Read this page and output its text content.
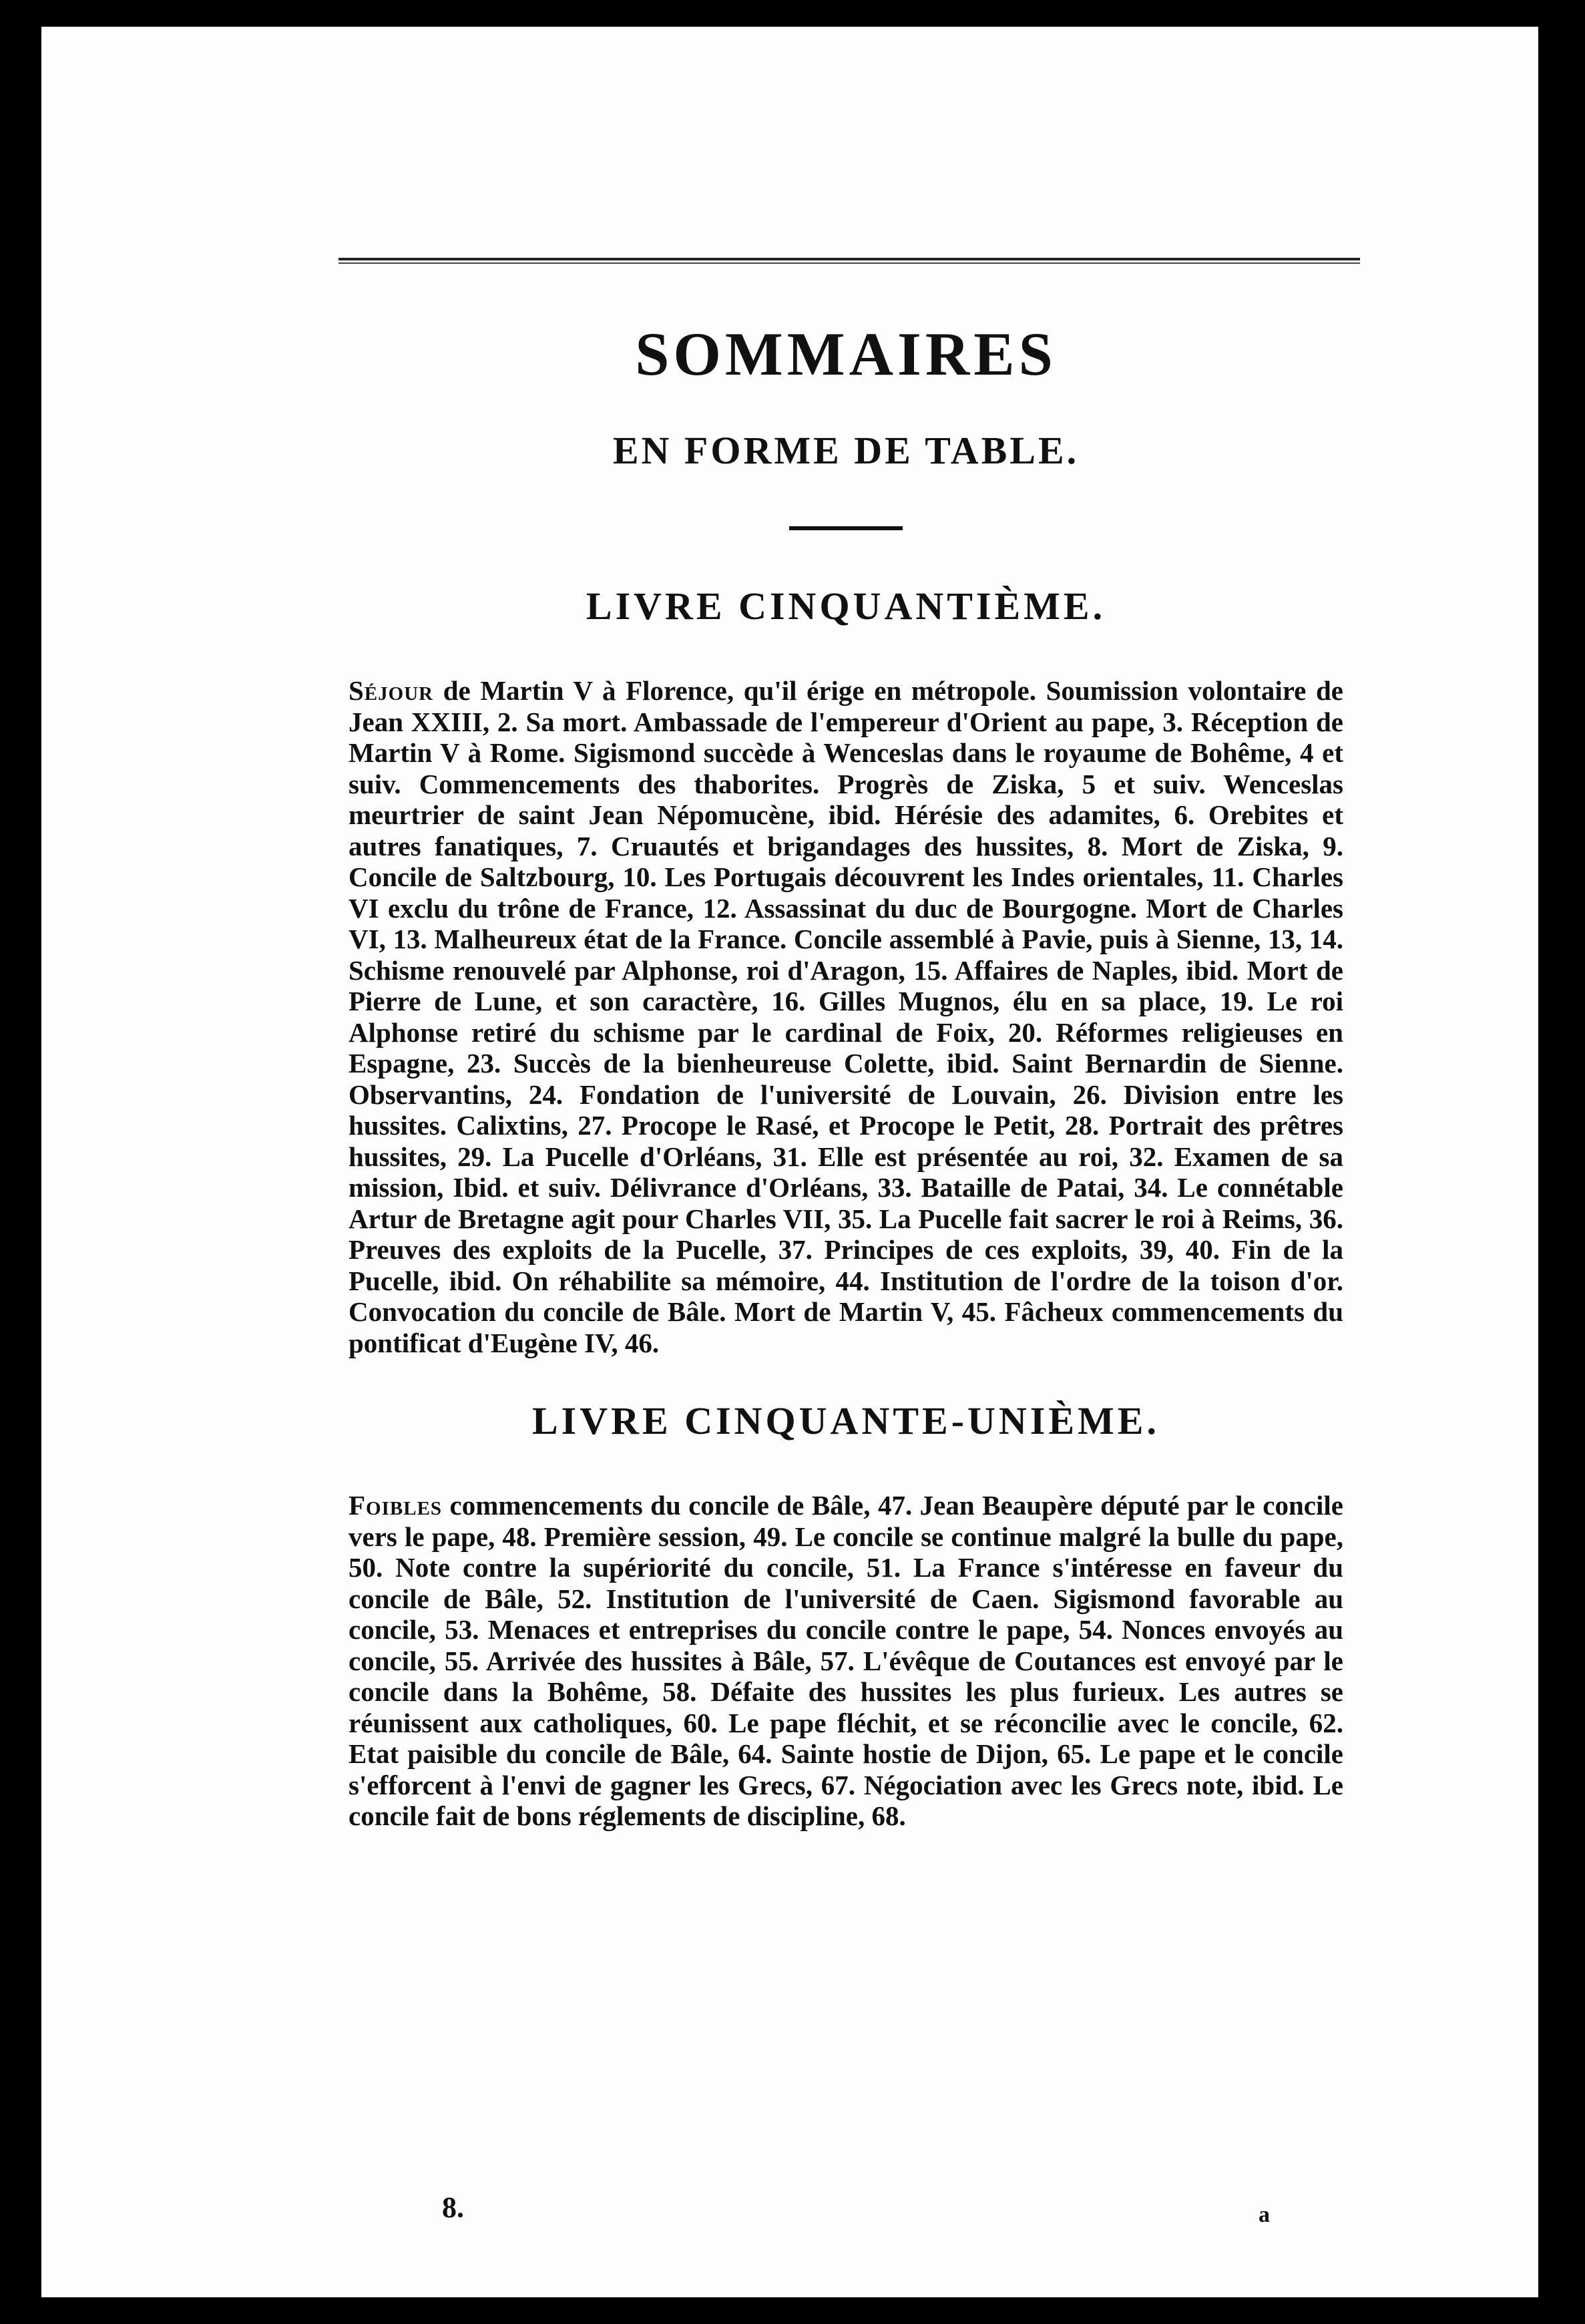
SOMMAIRES
EN FORME DE TABLE.
LIVRE CINQUANTIÈME.

Séjour de Martin V à Florence, qu'il érige en métropole. Soumission volontaire de Jean XXIII, 2. Sa mort. Ambassade de l'empereur d'Orient au pape, 3. Réception de Martin V à Rome. Sigismond succède à Wenceslas dans le royaume de Bohême, 4 et suiv. Commencements des thaborites. Progrès de Ziska, 5 et suiv. Wenceslas meurtrier de saint Jean Népomucène, ibid. Hérésie des adamites, 6. Orebites et autres fanatiques, 7. Cruautés et brigandages des hussites, 8. Mort de Ziska, 9. Concile de Saltzbourg, 10. Les Portugais découvrent les Indes orientales, 11. Charles VI exclu du trône de France, 12. Assassinat du duc de Bourgogne. Mort de Charles VI, 13. Malheureux état de la France. Concile assemblé à Pavie, puis à Sienne, 13, 14. Schisme renouvelé par Alphonse, roi d'Aragon, 15. Affaires de Naples, ibid. Mort de Pierre de Lune, et son caractère, 16. Gilles Mugnos, élu en sa place, 19. Le roi Alphonse retiré du schisme par le cardinal de Foix, 20. Réformes religieuses en Espagne, 23. Succès de la bienheureuse Colette, ibid. Saint Bernardin de Sienne. Observantins, 24. Fondation de l'université de Louvain, 26. Division entre les hussites. Calixtins, 27. Procope le Rasé, et Procope le Petit, 28. Portrait des prêtres hussites, 29. La Pucelle d'Orléans, 31. Elle est présentée au roi, 32. Examen de sa mission, Ibid. et suiv. Délivrance d'Orléans, 33. Bataille de Patai, 34. Le connétable Artur de Bretagne agit pour Charles VII, 35. La Pucelle fait sacrer le roi à Reims, 36. Preuves des exploits de la Pucelle, 37. Principes de ces exploits, 39, 40. Fin de la Pucelle, ibid. On réhabilite sa mémoire, 44. Institution de l'ordre de la toison d'or. Convocation du concile de Bâle. Mort de Martin V, 45. Fâcheux commencements du pontificat d'Eugène IV, 46.

LIVRE CINQUANTE-UNIÈME.

Foibles commencements du concile de Bâle, 47. Jean Beaupère député par le concile vers le pape, 48. Première session, 49. Le concile se continue malgré la bulle du pape, 50. Note contre la supériorité du concile, 51. La France s'intéresse en faveur du concile de Bâle, 52. Institution de l'université de Caen. Sigismond favorable au concile, 53. Menaces et entreprises du concile contre le pape, 54. Nonces envoyés au concile, 55. Arrivée des hussites à Bâle, 57. L'évêque de Coutances est envoyé par le concile dans la Bohême, 58. Défaite des hussites les plus furieux. Les autres se réunissent aux catholiques, 60. Le pape fléchit, et se réconcilie avec le concile, 62. Etat paisible du concile de Bâle, 64. Sainte hostie de Dijon, 65. Le pape et le concile s'efforcent à l'envi de gagner les Grecs, 67. Négociation avec les Grecs note, ibid. Le concile fait de bons réglements de discipline, 68.

8.	a
